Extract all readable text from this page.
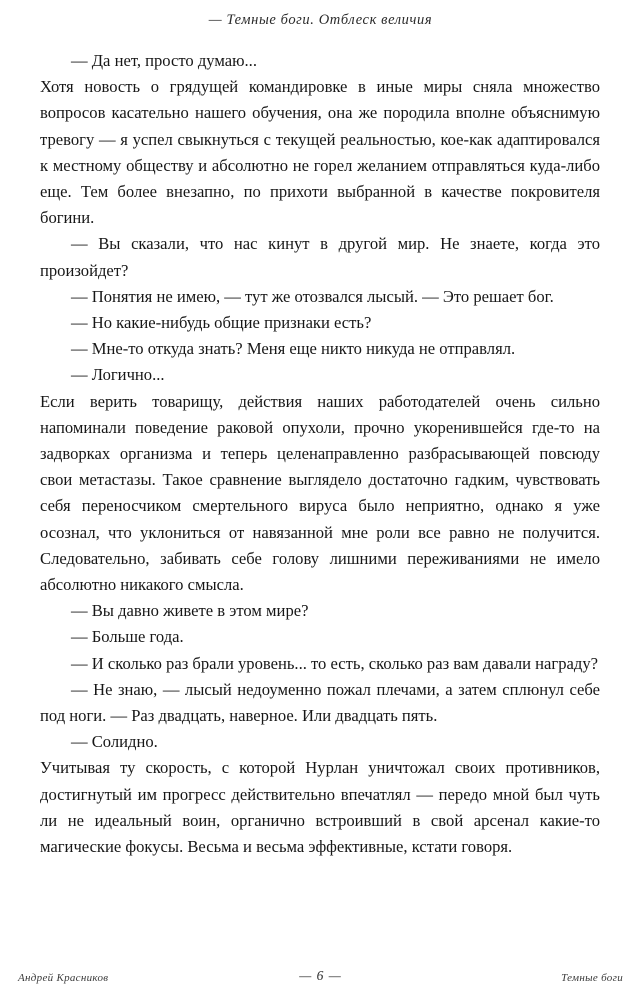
— Темные боги. Отблеск величия

— Да нет, просто думаю...

Хотя новость о грядущей командировке в иные миры сняла множество вопросов касательно нашего обучения, она же породила вполне объяснимую тревогу — я успел свыкнуться с текущей реальностью, кое-как адаптировался к местному обществу и абсолютно не горел желанием отправляться куда-либо еще. Тем более внезапно, по прихоти выбранной в качестве покровителя богини.

— Вы сказали, что нас кинут в другой мир. Не знаете, когда это произойдет?

— Понятия не имею, — тут же отозвался лысый. — Это решает бог.

— Но какие-нибудь общие признаки есть?

— Мне-то откуда знать? Меня еще никто никуда не отправлял.

— Логично...

Если верить товарищу, действия наших работодателей очень сильно напоминали поведение раковой опухоли, прочно укоренившейся где-то на задворках организма и теперь целенаправленно разбрасывающей повсюду свои метастазы. Такое сравнение выглядело достаточно гадким, чувствовать себя переносчиком смертельного вируса было неприятно, однако я уже осознал, что уклониться от навязанной мне роли все равно не получится. Следовательно, забивать себе голову лишними переживаниями не имело абсолютно никакого смысла.

— Вы давно живете в этом мире?

— Больше года.

— И сколько раз брали уровень... то есть, сколько раз вам давали награду?

— Не знаю, — лысый недоуменно пожал плечами, а затем сплюнул себе под ноги. — Раз двадцать, наверное. Или двадцать пять.

— Солидно.

Учитывая ту скорость, с которой Нурлан уничтожал своих противников, достигнутый им прогресс действительно впечатлял — передо мной был чуть ли не идеальный воин, органично встроивший в свой арсенал какие-то магические фокусы. Весьма и весьма эффективные, кстати говоря.

Андрей Красников	— 6 —	Темные боги
